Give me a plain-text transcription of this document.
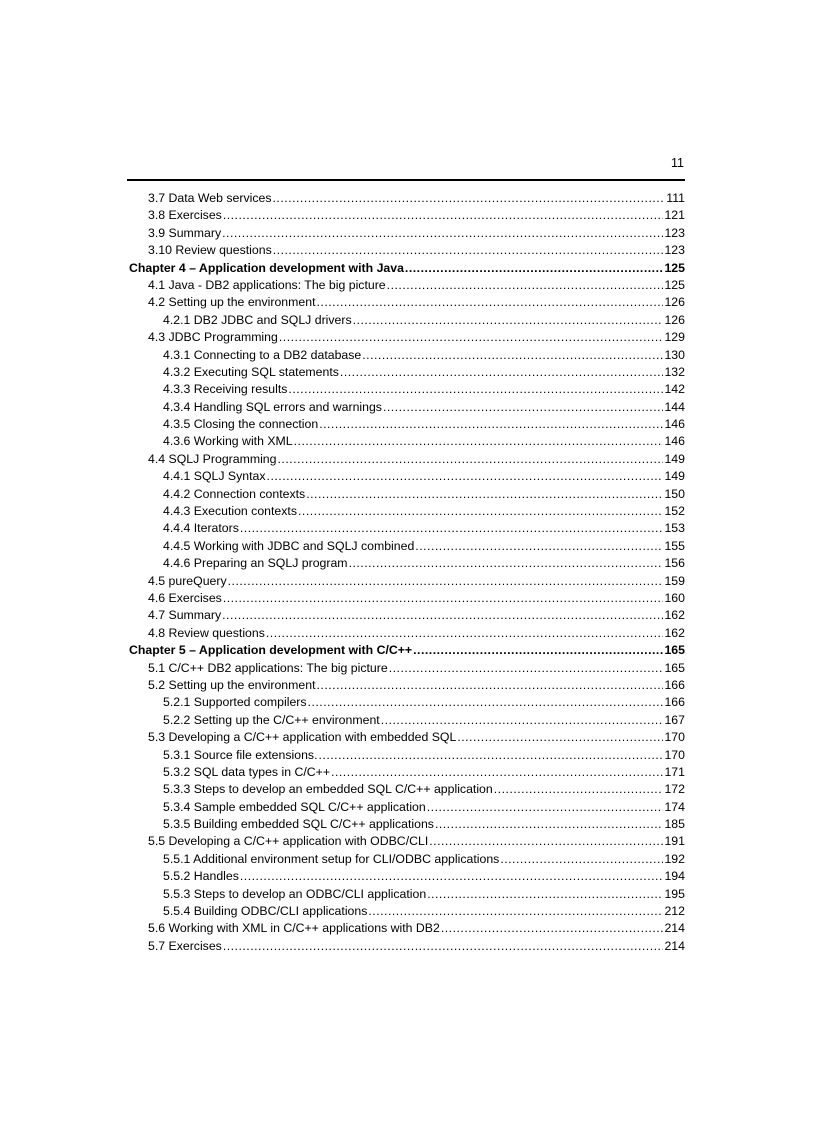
11
3.7 Data Web services .....	111
3.8 Exercises .....	121
3.9 Summary .....	123
3.10 Review questions .....	123
Chapter 4 – Application development with Java .....	125
4.1 Java - DB2 applications: The big picture .....	125
4.2 Setting up the environment .....	126
4.2.1 DB2 JDBC and SQLJ drivers .....	126
4.3 JDBC Programming .....	129
4.3.1 Connecting to a DB2 database .....	130
4.3.2 Executing SQL statements .....	132
4.3.3 Receiving results .....	142
4.3.4 Handling SQL errors and warnings .....	144
4.3.5 Closing the connection .....	146
4.3.6 Working with XML .....	146
4.4 SQLJ Programming .....	149
4.4.1 SQLJ Syntax .....	149
4.4.2 Connection contexts .....	150
4.4.3 Execution contexts .....	152
4.4.4 Iterators .....	153
4.4.5 Working with JDBC and SQLJ combined .....	155
4.4.6 Preparing an SQLJ program .....	156
4.5 pureQuery .....	159
4.6 Exercises .....	160
4.7 Summary .....	162
4.8 Review questions .....	162
Chapter 5 – Application development with C/C++ .....	165
5.1 C/C++ DB2 applications: The big picture .....	165
5.2 Setting up the environment .....	166
5.2.1 Supported compilers .....	166
5.2.2 Setting up the C/C++ environment .....	167
5.3 Developing a C/C++ application with embedded SQL .....	170
5.3.1 Source file extensions. .....	170
5.3.2 SQL data types in C/C++ .....	171
5.3.3 Steps to develop an embedded SQL C/C++ application .....	172
5.3.4 Sample embedded SQL C/C++ application .....	174
5.3.5 Building embedded SQL C/C++ applications .....	185
5.5 Developing a C/C++ application with ODBC/CLI .....	191
5.5.1 Additional environment setup for CLI/ODBC applications .....	192
5.5.2 Handles .....	194
5.5.3 Steps to develop an ODBC/CLI application .....	195
5.5.4 Building ODBC/CLI applications .....	212
5.6 Working with XML in C/C++ applications with DB2 .....	214
5.7 Exercises .....	214
